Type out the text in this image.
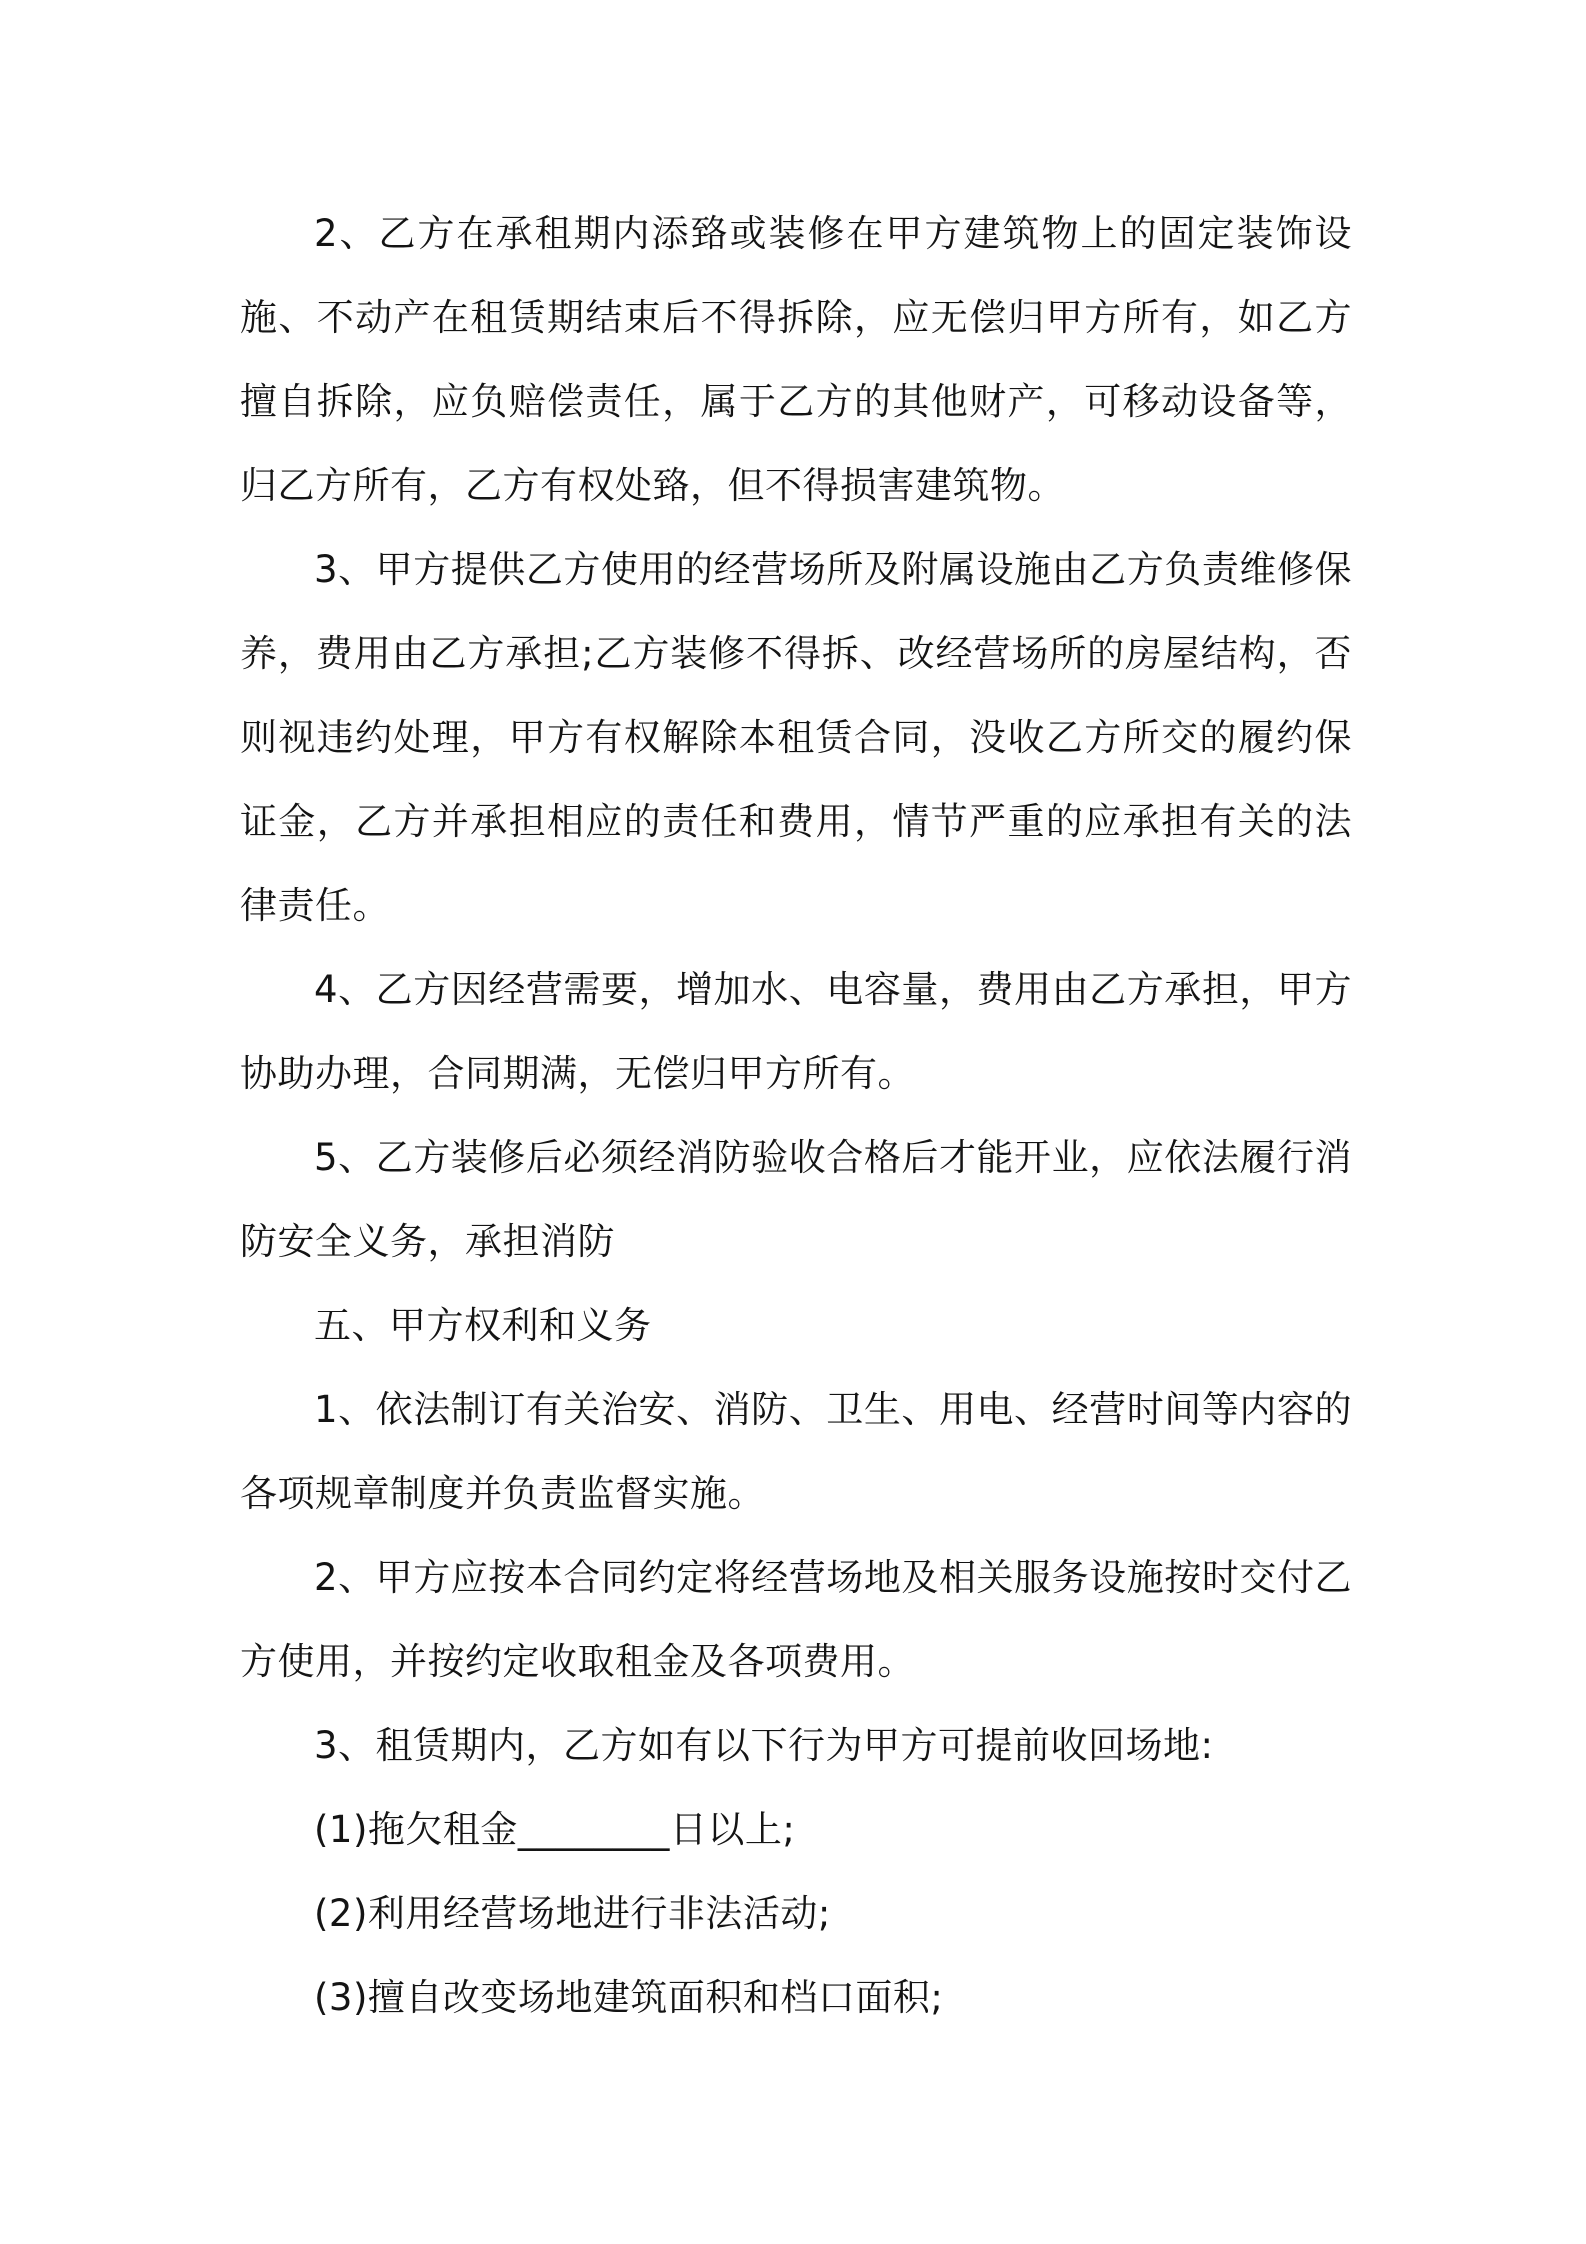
2、乙方在承租期内添臵或装修在甲方建筑物上的固定装饰设施、不动产在租赁期结束后不得拆除，应无偿归甲方所有，如乙方擅自拆除，应负赔偿责任，属于乙方的其他财产，可移动设备等，归乙方所有，乙方有权处臵，但不得损害建筑物。

3、甲方提供乙方使用的经营场所及附属设施由乙方负责维修保养，费用由乙方承担;乙方装修不得拆、改经营场所的房屋结构，否则视违约处理，甲方有权解除本租赁合同，没收乙方所交的履约保证金，乙方并承担相应的责任和费用，情节严重的应承担有关的法律责任。

4、乙方因经营需要，增加水、电容量，费用由乙方承担，甲方协助办理，合同期满，无偿归甲方所有。

5、乙方装修后必须经消防验收合格后才能开业，应依法履行消防安全义务，承担消防

五、甲方权利和义务

1、依法制订有关治安、消防、卫生、用电、经营时间等内容的各项规章制度并负责监督实施。

2、甲方应按本合同约定将经营场地及相关服务设施按时交付乙方使用，并按约定收取租金及各项费用。

3、租赁期内，乙方如有以下行为甲方可提前收回场地:

(1)拖欠租金________日以上;

(2)利用经营场地进行非法活动;

(3)擅自改变场地建筑面积和档口面积;
